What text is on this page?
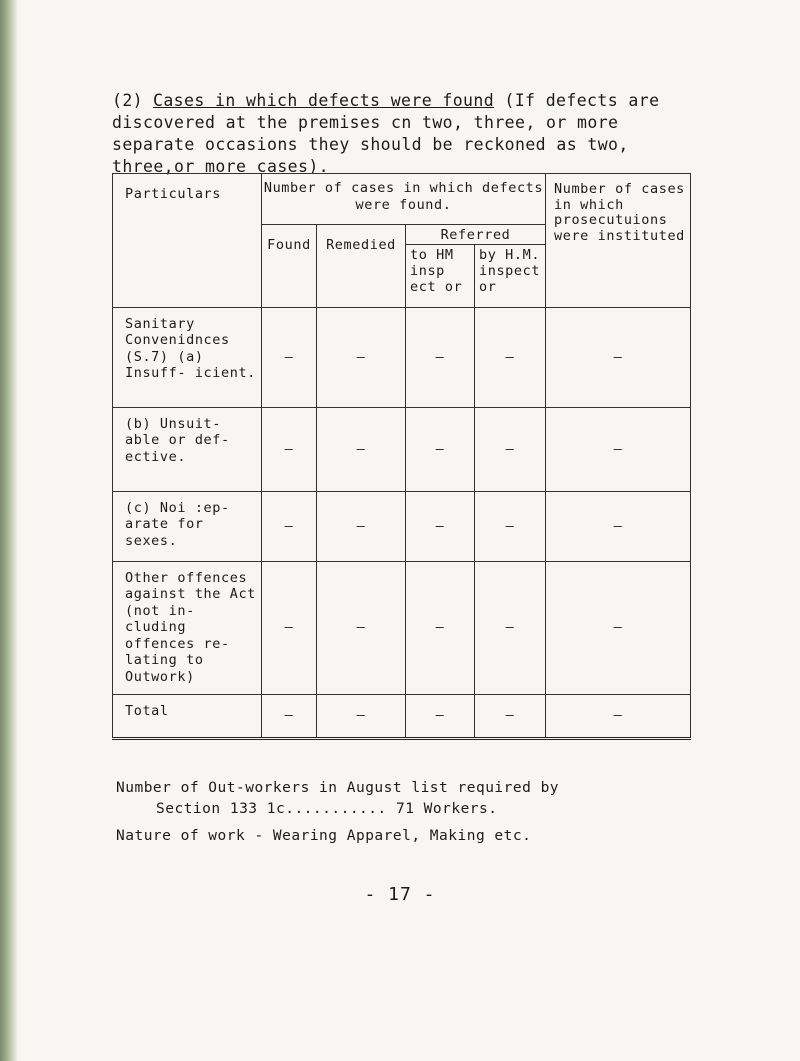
(2) Cases in which defects were found (If defects are
discovered at the premises cn two, three, or more
separate occasions they should be reckoned as two,
three,or more cases).
Particulars	Number of cases in which defects were found.				Number of cases in which prosecutuions were instituted
	Found	Remedied	Referred		
			to HM insp ect or	by H.M. inspect or	
Sanitary Convenidnces (S.7) (a) Insuff- icient.	–	–	–	–	–
(b) Unsuit- able or def- ective.	–	–	–	–	–
(c) Noi :ep- arate for sexes.	–	–	–	–	–
Other offences against the Act (not in- cluding offences re- lating to Outwork)	–	–	–	–	–
Total	–	–	–	–	–
Number of Out-workers in August list required by
Section 133 1c........... 71 Workers.
Nature of work - Wearing Apparel, Making etc.
- 17 -
